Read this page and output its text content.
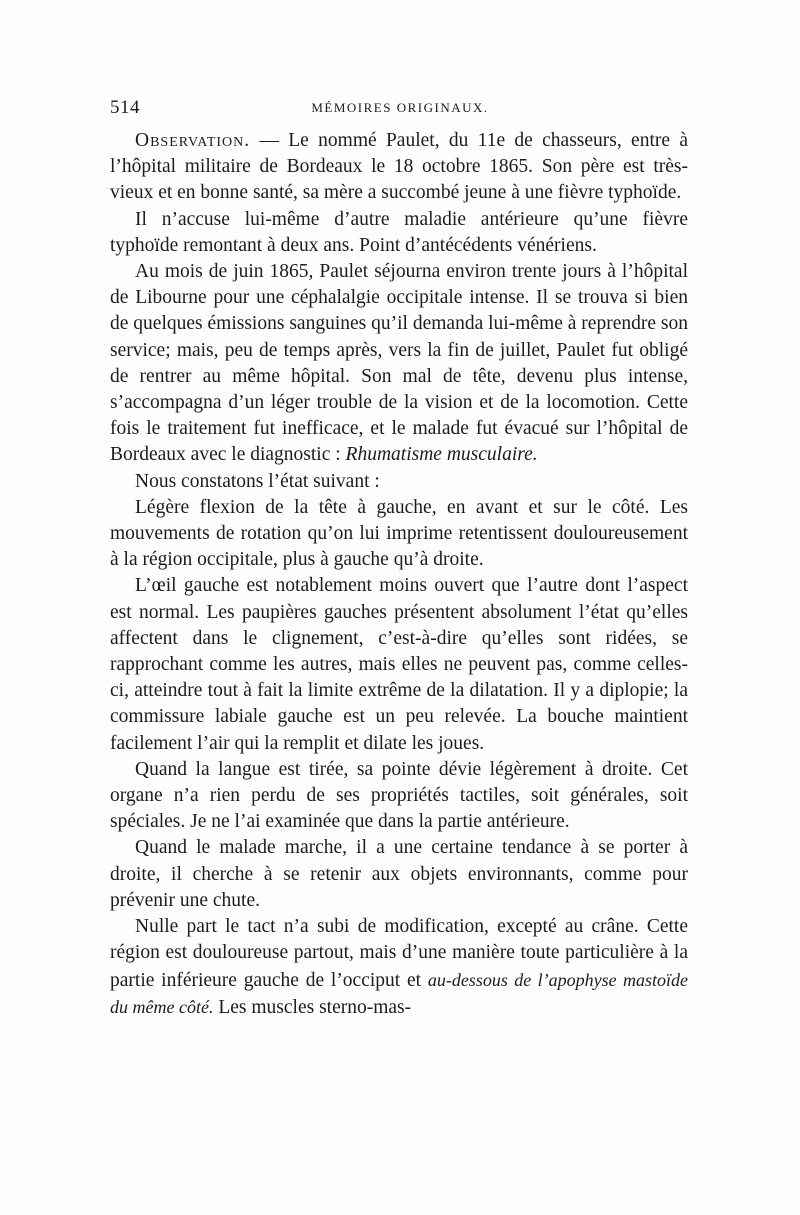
514	MÉMOIRES ORIGINAUX.

Observation. — Le nommé Paulet, du 11e de chasseurs, entre à l’hôpital militaire de Bordeaux le 18 octobre 1865. Son père est très-vieux et en bonne santé, sa mère a succombé jeune à une fièvre typhoïde.

Il n’accuse lui-même d’autre maladie antérieure qu’une fièvre typhoïde remontant à deux ans. Point d’antécédents vénériens.

Au mois de juin 1865, Paulet séjourna environ trente jours à l’hôpital de Libourne pour une céphalalgie occipitale intense. Il se trouva si bien de quelques émissions sanguines qu’il demanda lui-même à reprendre son service; mais, peu de temps après, vers la fin de juillet, Paulet fut obligé de rentrer au même hôpital. Son mal de tête, devenu plus intense, s’accompagna d’un léger trouble de la vision et de la locomotion. Cette fois le traitement fut inefficace, et le malade fut évacué sur l’hôpital de Bordeaux avec le diagnostic : Rhumatisme musculaire.

Nous constatons l’état suivant :

Légère flexion de la tête à gauche, en avant et sur le côté. Les mouvements de rotation qu’on lui imprime retentissent douloureusement à la région occipitale, plus à gauche qu’à droite.

L’œil gauche est notablement moins ouvert que l’autre dont l’aspect est normal. Les paupières gauches présentent absolument l’état qu’elles affectent dans le clignement, c’est-à-dire qu’elles sont ridées, se rapprochant comme les autres, mais elles ne peuvent pas, comme celles-ci, atteindre tout à fait la limite extrême de la dilatation. Il y a diplopie; la commissure labiale gauche est un peu relevée. La bouche maintient facilement l’air qui la remplit et dilate les joues.

Quand la langue est tirée, sa pointe dévie légèrement à droite. Cet organe n’a rien perdu de ses propriétés tactiles, soit générales, soit spéciales. Je ne l’ai examinée que dans la partie antérieure.

Quand le malade marche, il a une certaine tendance à se porter à droite, il cherche à se retenir aux objets environnants, comme pour prévenir une chute.

Nulle part le tact n’a subi de modification, excepté au crâne. Cette région est douloureuse partout, mais d’une manière toute particulière à la partie inférieure gauche de l’occiput et au-dessous de l’apophyse mastoïde du même côté. Les muscles sterno-mas-
